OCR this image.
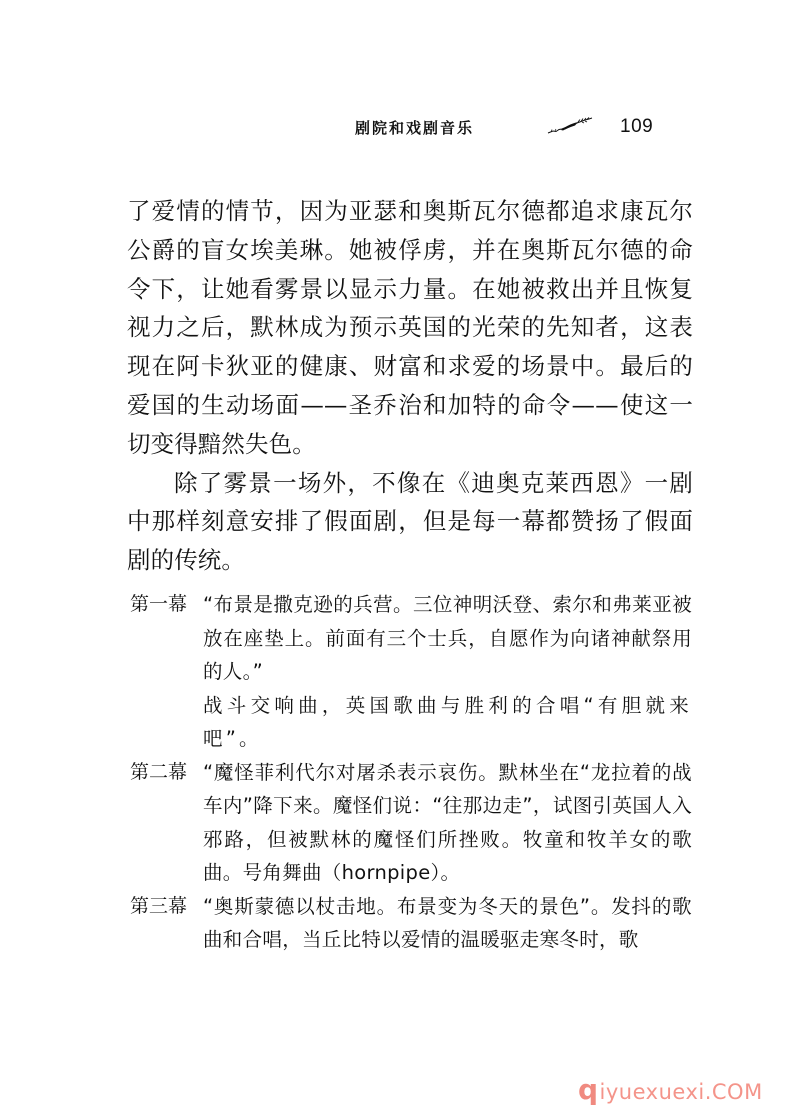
剧院和戏剧音乐	109

了爱情的情节，因为亚瑟和奥斯瓦尔德都追求康瓦尔公爵的盲女埃美琳。她被俘虏，并在奥斯瓦尔德的命令下，让她看雾景以显示力量。在她被救出并且恢复视力之后，默林成为预示英国的光荣的先知者，这表现在阿卡狄亚的健康、财富和求爱的场景中。最后的爱国的生动场面——圣乔治和加特的命令——使这一切变得黯然失色。

除了雾景一场外，不像在《迪奥克莱西恩》一剧中那样刻意安排了假面剧，但是每一幕都赞扬了假面剧的传统。

第一幕 “布景是撒克逊的兵营。三位神明沃登、索尔和弗莱亚被放在座垫上。前面有三个士兵，自愿作为向诸神献祭用的人。”

战斗交响曲，英国歌曲与胜利的合唱“有胆就来吧”。

第二幕 “魔怪菲利代尔对屠杀表示哀伤。默林坐在“龙拉着的战车内”降下来。魔怪们说：“往那边走”，试图引英国人入邪路，但被默林的魔怪们所挫败。牧童和牧羊女的歌曲。号角舞曲（hornpipe）。

第三幕 “奥斯蒙德以杖击地。布景变为冬天的景色”。发抖的歌曲和合唱，当丘比特以爱情的温暖驱走寒冬时，歌

q iyuexuexi.COM
